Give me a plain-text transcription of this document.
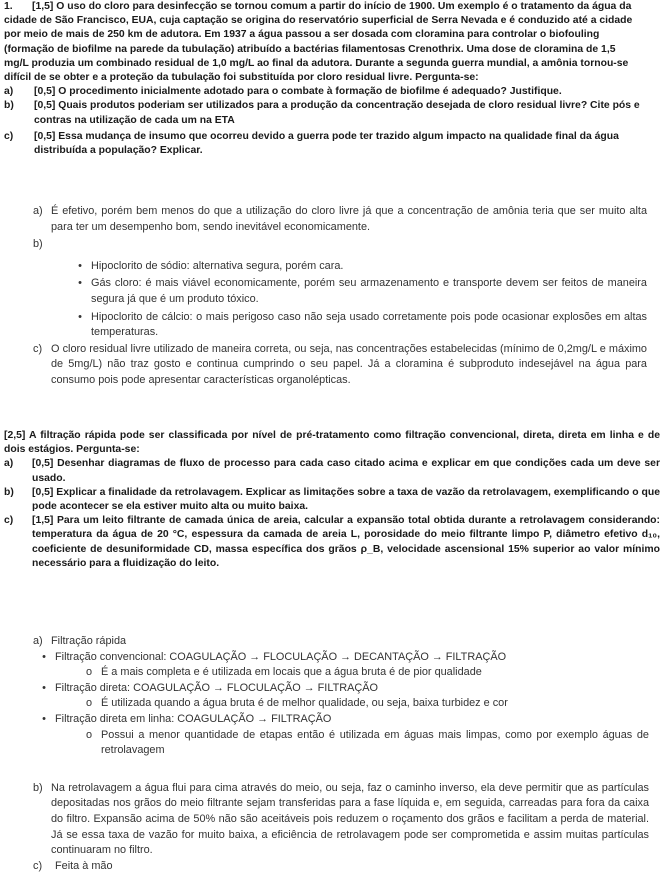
1. [1,5] O uso do cloro para desinfecção se tornou comum a partir do início de 1900. Um exemplo é o tratamento da água da

cidade de São Francisco, EUA, cuja captação se origina do reservatório superficial de Serra Nevada e é conduzido até a cidade

por meio de mais de 250 km de adutora. Em 1937 a água passou a ser dosada com cloramina para controlar o biofouling

(formação de biofilme na parede da tubulação) atribuído a bactérias filamentosas Crenothrix. Uma dose de cloramina de 1,5

mg/L produzia um combinado residual de 1,0 mg/L ao final da adutora. Durante a segunda guerra mundial, a amônia tornou-se

difícil de se obter e a proteção da tubulação foi substituída por cloro residual livre. Pergunta-se:

a)	[0,5] O procedimento inicialmente adotado para o combate à formação de biofilme é adequado? Justifique.
b)	[0,5] Quais produtos poderiam ser utilizados para a produção da concentração desejada de cloro residual livre? Cite pós e contras na utilização de cada um na ETA
c)	[0,5] Essa mudança de insumo que ocorreu devido a guerra pode ter trazido algum impacto na qualidade final da água distribuída a população? Explicar.
a) É efetivo, porém bem menos do que a utilização do cloro livre já que a concentração de amônia teria que ser muito alta para ter um desempenho bom, sendo inevitável economicamente.
b)
• Hipoclorito de sódio: alternativa segura, porém cara.
• Gás cloro: é mais viável economicamente, porém seu armazenamento e transporte devem ser feitos de maneira segura já que é um produto tóxico.
• Hipoclorito de cálcio: o mais perigoso caso não seja usado corretamente pois pode ocasionar explosões em altas temperaturas.
c) O cloro residual livre utilizado de maneira correta, ou seja, nas concentrações estabelecidas (mínimo de 0,2mg/L e máximo de 5mg/L) não traz gosto e continua cumprindo o seu papel. Já a cloramina é subproduto indesejável na água para consumo pois pode apresentar características organolépticas.

[2,5] A filtração rápida pode ser classificada por nível de pré-tratamento como filtração convencional, direta, direta em linha e de dois estágios. Pergunta-se:

a)	[0,5] Desenhar diagramas de fluxo de processo para cada caso citado acima e explicar em que condições cada um deve ser usado.
b)	[0,5] Explicar a finalidade da retrolavagem. Explicar as limitações sobre a taxa de vazão da retrolavagem, exemplificando o que pode acontecer se ela estiver muito alta ou muito baixa.
c)	[1,5] Para um leito filtrante de camada única de areia, calcular a expansão total obtida durante a retrolavagem considerando: temperatura da água de 20 °C, espessura da camada de areia L, porosidade do meio filtrante limpo P, diâmetro efetivo d₁₀, coeficiente de desuniformidade CD, massa específica dos grãos ρ_B, velocidade ascensional 15% superior ao valor mínimo necessário para a fluidização do leito.
a) Filtração rápida
• Filtração convencional: COAGULAÇÃO → FLOCULAÇÃO → DECANTAÇÃO → FILTRAÇÃO
o É a mais completa e é utilizada em locais que a água bruta é de pior qualidade
• Filtração direta: COAGULAÇÃO → FLOCULAÇÃO → FILTRAÇÃO
o É utilizada quando a água bruta é de melhor qualidade, ou seja, baixa turbidez e cor
• Filtração direta em linha: COAGULAÇÃO → FILTRAÇÃO
o Possui a menor quantidade de etapas então é utilizada em águas mais limpas, como por exemplo águas de retrolavagem
b) Na retrolavagem a água flui para cima através do meio, ou seja, faz o caminho inverso, ela deve permitir que as partículas depositadas nos grãos do meio filtrante sejam transferidas para a fase líquida e, em seguida, carreadas para fora da caixa do filtro. Expansão acima de 50% não são aceitáveis pois reduzem o roçamento dos grãos e facilitam a perda de material. Já se essa taxa de vazão for muito baixa, a eficiência de retrolavagem pode ser comprometida e assim muitas partículas continuaram no filtro.
c)	Feita à mão
